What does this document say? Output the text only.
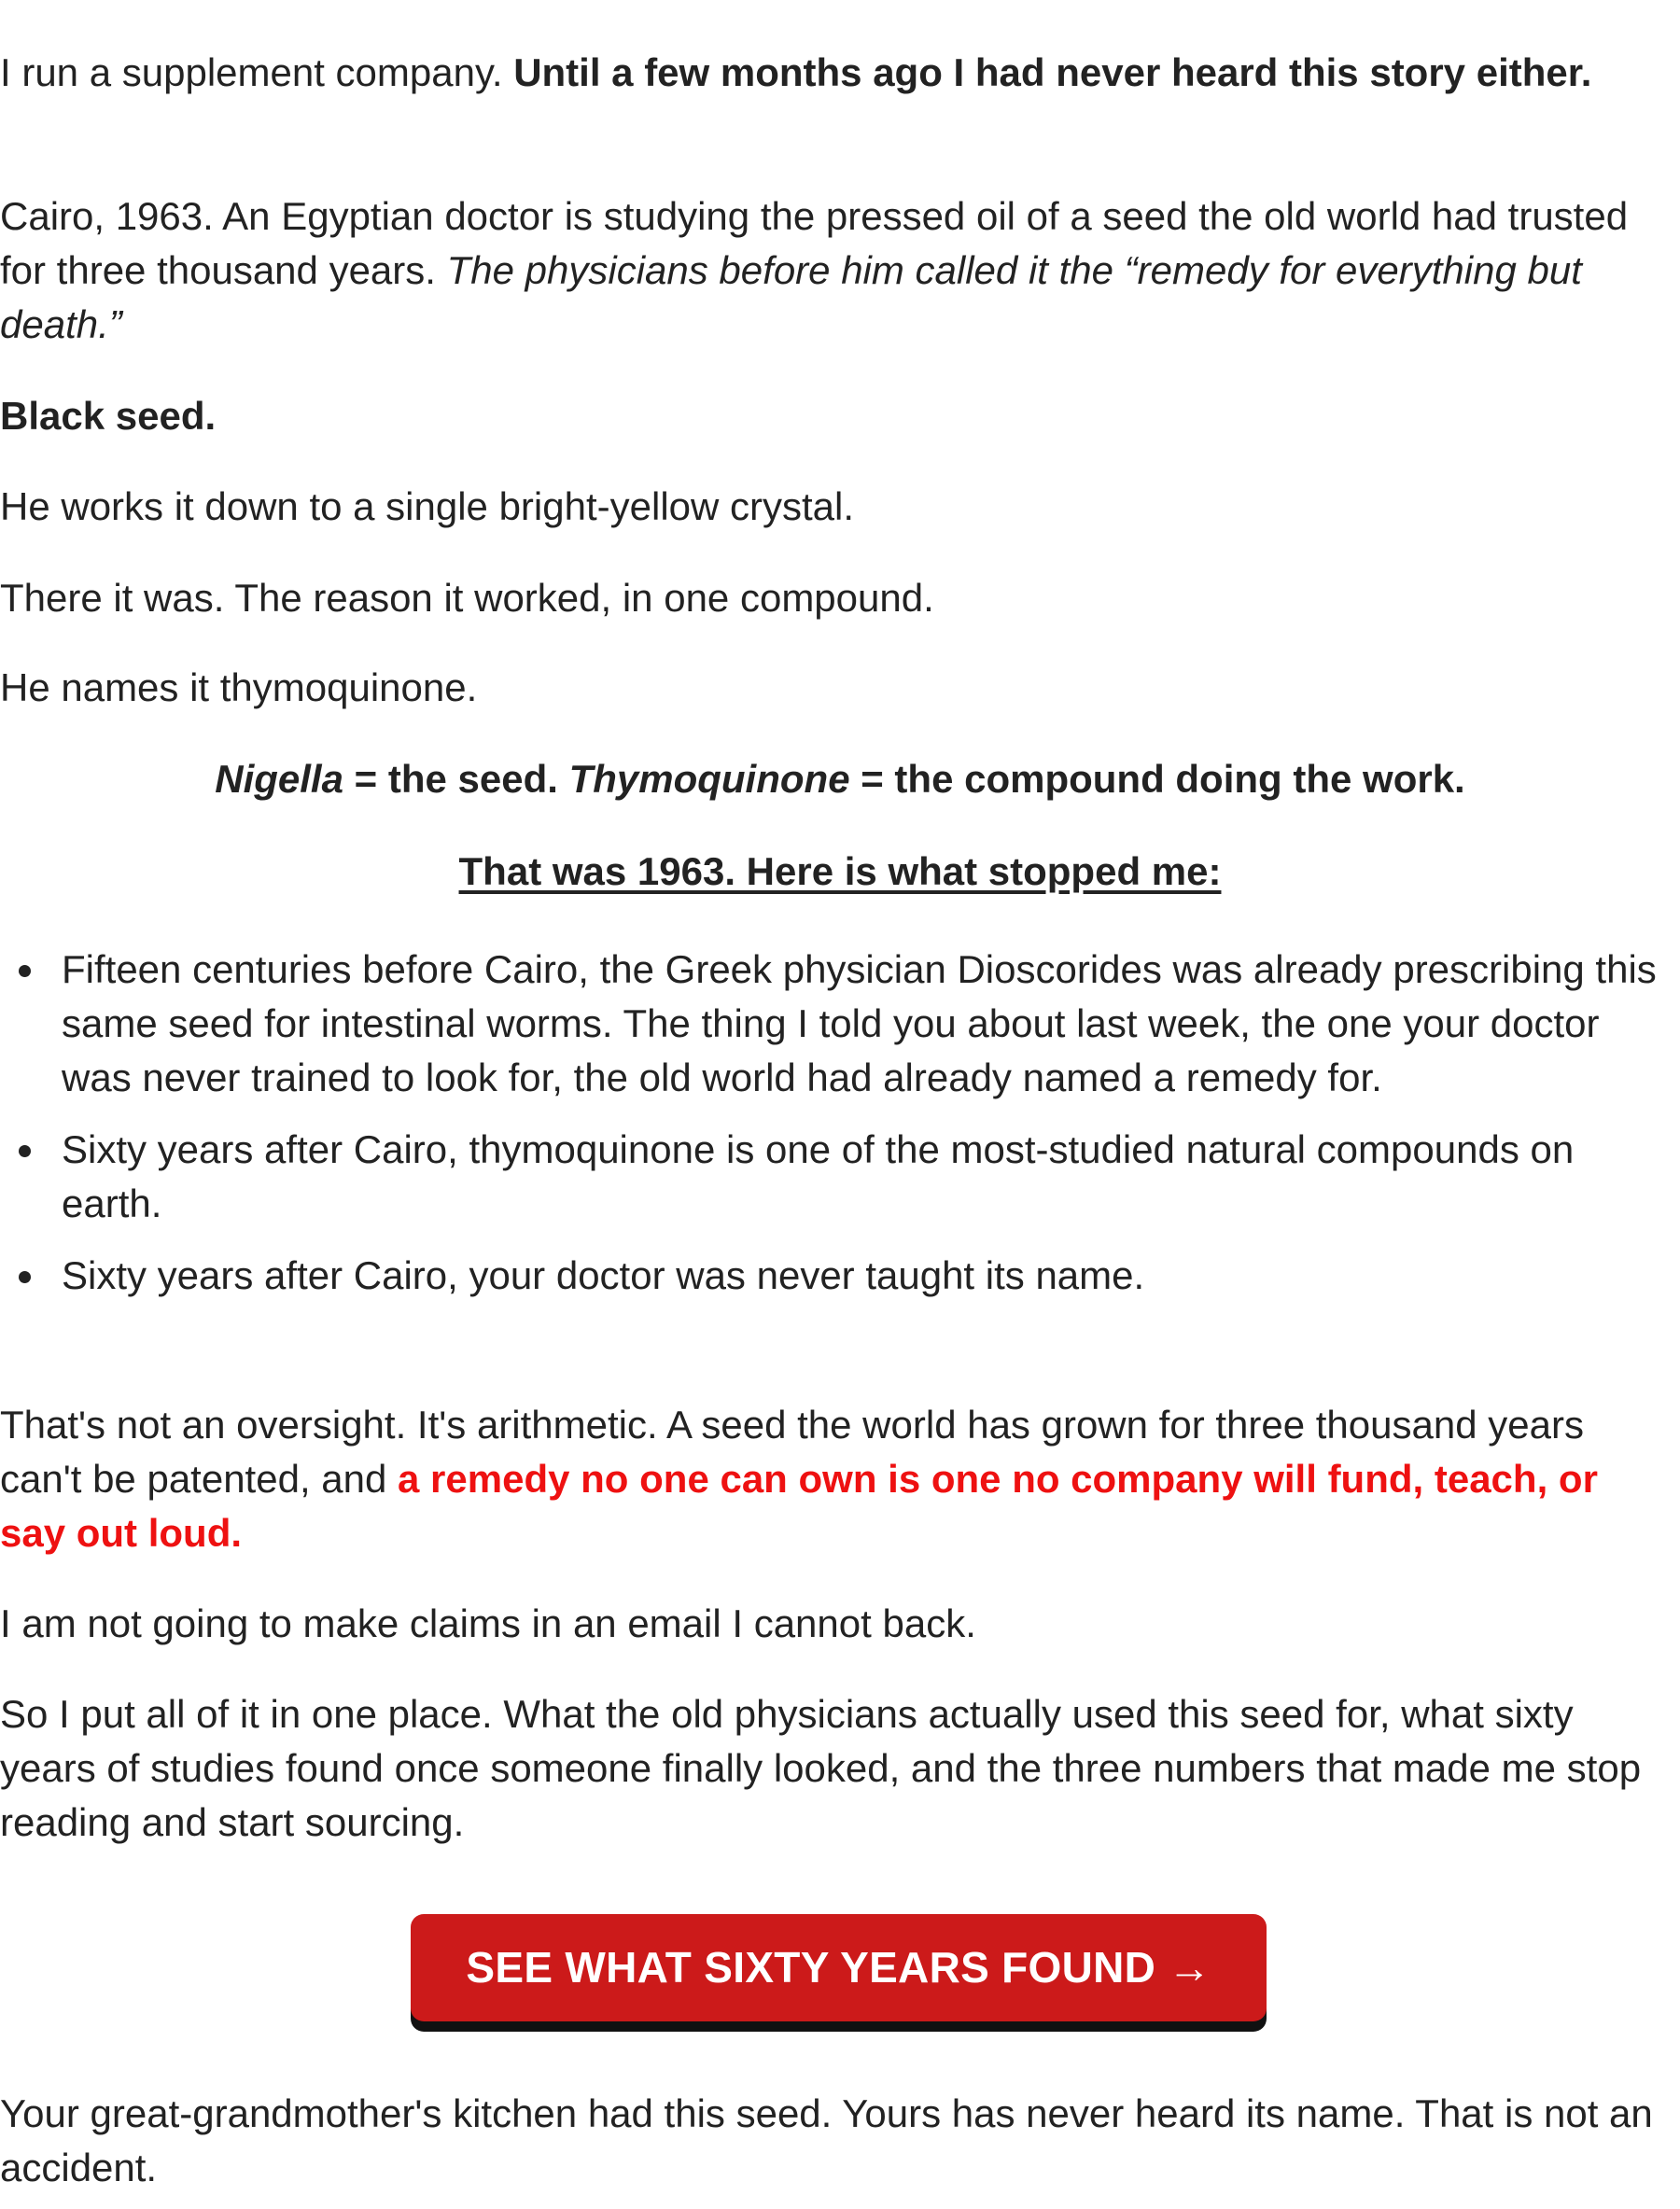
I run a supplement company. Until a few months ago I had never heard this story either.

Cairo, 1963. An Egyptian doctor is studying the pressed oil of a seed the old world had trusted for three thousand years. The physicians before him called it the “remedy for everything but death.”

Black seed.

He works it down to a single bright-yellow crystal.

There it was. The reason it worked, in one compound.

He names it thymoquinone.

Nigella = the seed. Thymoquinone = the compound doing the work.
That was 1963. Here is what stopped me:
Fifteen centuries before Cairo, the Greek physician Dioscorides was already prescribing this same seed for intestinal worms. The thing I told you about last week, the one your doctor was never trained to look for, the old world had already named a remedy for.
Sixty years after Cairo, thymoquinone is one of the most-studied natural compounds on earth.
Sixty years after Cairo, your doctor was never taught its name.

That's not an oversight. It's arithmetic. A seed the world has grown for three thousand years can't be patented, and a remedy no one can own is one no company will fund, teach, or say out loud.

I am not going to make claims in an email I cannot back.

So I put all of it in one place. What the old physicians actually used this seed for, what sixty years of studies found once someone finally looked, and the three numbers that made me stop reading and start sourcing.

SEE WHAT SIXTY YEARS FOUND →

Your great-grandmother's kitchen had this seed. Yours has never heard its name. That is not an accident.
